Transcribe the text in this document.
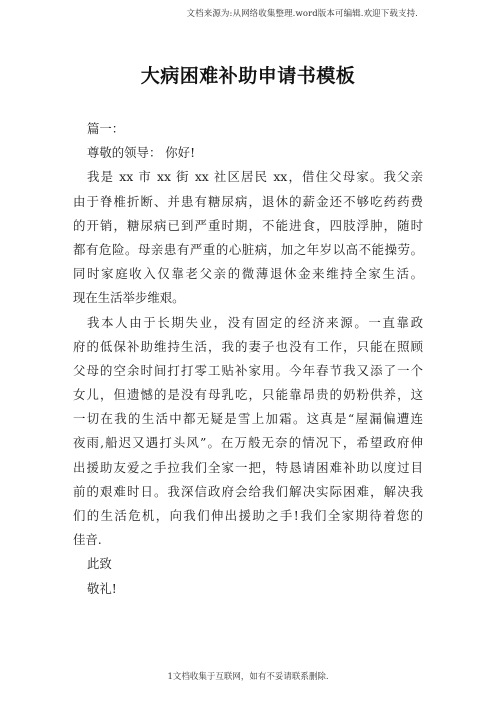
文档来源为:从网络收集整理.word版本可编辑.欢迎下载支持.
大病困难补助申请书模板
篇一：
尊敬的领导： 你好!
我是 xx 市 xx 街 xx 社区居民 xx，借住父母家。我父亲
由于脊椎折断、并患有糖尿病，退休的薪金还不够吃药药费
的开销，糖尿病已到严重时期，不能进食，四肢浮肿，随时
都有危险。母亲患有严重的心脏病，加之年岁以高不能操劳。
同时家庭收入仅靠老父亲的微薄退休金来维持全家生活。
现在生活举步维艰。
我本人由于长期失业，没有固定的经济来源。一直靠政
府的低保补助维持生活，我的妻子也没有工作，只能在照顾
父母的空余时间打打零工贴补家用。今年春节我又添了一个
女儿，但遗憾的是没有母乳吃，只能靠昂贵的奶粉供养，这
一切在我的生活中都无疑是雪上加霜。这真是“屋漏偏遭连
夜雨,船迟又遇打头风”。在万般无奈的情况下，希望政府伸
出援助友爱之手拉我们全家一把，特恳请困难补助以度过目
前的艰难时日。我深信政府会给我们解决实际困难，解决我
们的生活危机，向我们伸出援助之手!我们全家期待着您的
佳音.
此致
敬礼!
1文档收集于互联网，如有不妥请联系删除.
